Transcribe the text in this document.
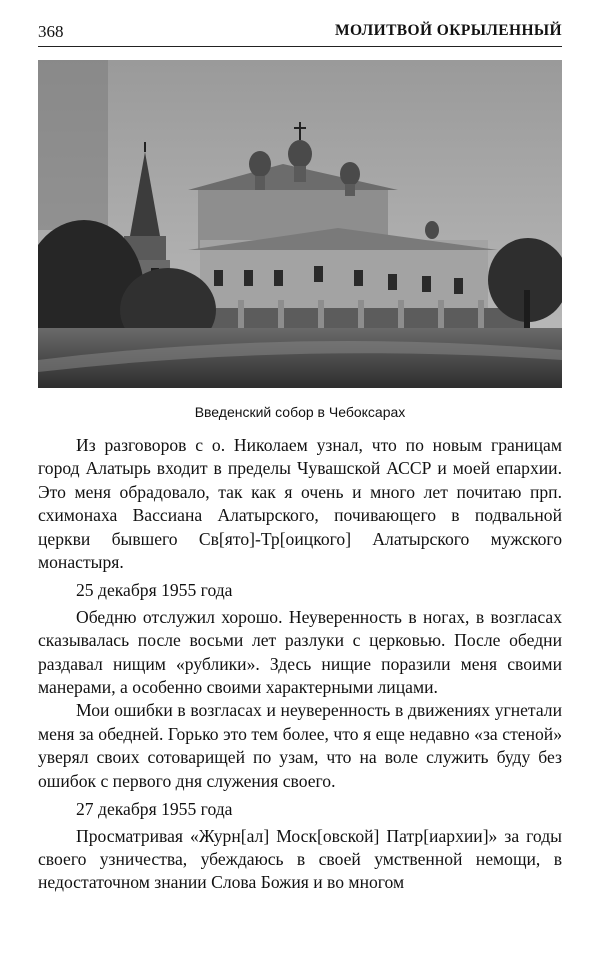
368	МОЛИТВОЙ ОКРЫЛЕННЫЙ
Введенский собор в Чебоксарах

Из разговоров с о. Николаем узнал, что по новым границам город Алатырь входит в пределы Чувашской АССР и моей епархии. Это меня обрадовало, так как я очень и много лет почитаю прп. схимонаха Вассиана Алатырского, почивающего в подвальной церкви бывшего Св[ято]-Тр[оицкого] Алатырского мужского монастыря.

25 декабря 1955 года

Обедню отслужил хорошо. Неуверенность в ногах, в возгласах сказывалась после восьми лет разлуки с церковью. После обедни раздавал нищим «рублики». Здесь нищие поразили меня своими манерами, а особенно своими характерными лицами.

Мои ошибки в возгласах и неуверенность в движениях угнетали меня за обедней. Горько это тем более, что я еще недавно «за стеной» уверял своих сотоварищей по узам, что на воле служить буду без ошибок с первого дня служения своего.

27 декабря 1955 года

Просматривая «Журн[ал] Моск[овской] Патр[иархии]» за годы своего узничества, убеждаюсь в своей умственной немощи, в недостаточном знании Слова Божия и во многом
